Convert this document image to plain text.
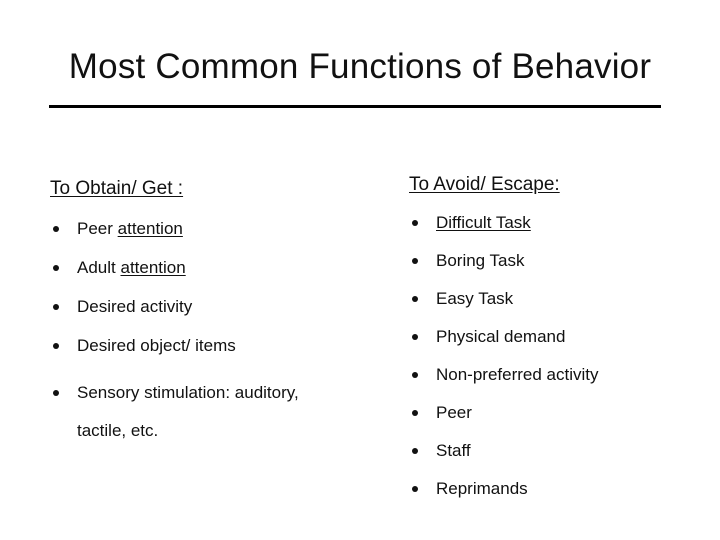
Most Common Functions of Behavior
To Obtain/ Get :
Peer attention
Adult attention
Desired activity
Desired object/ items
Sensory stimulation: auditory, tactile, etc.
To Avoid/ Escape:
Difficult Task
Boring Task
Easy Task
Physical demand
Non-preferred activity
Peer
Staff
Reprimands
